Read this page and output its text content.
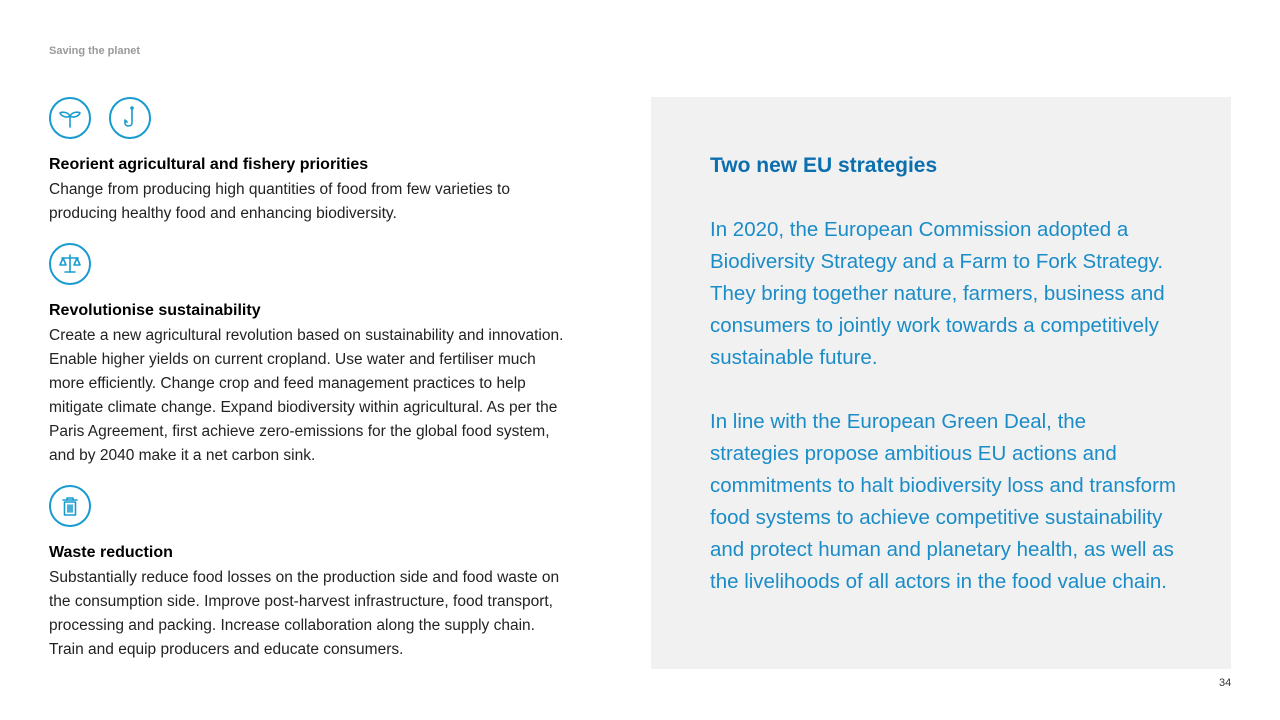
Saving the planet
Reorient agricultural and fishery priorities
Change from producing high quantities of food from few varieties to producing healthy food and enhancing biodiversity.
Revolutionise sustainability
Create a new agricultural revolution based on sustainability and innovation. Enable higher yields on current cropland. Use water and fertiliser much more efficiently. Change crop and feed management practices to help mitigate climate change. Expand biodiversity within agricultural. As per the Paris Agreement, first achieve zero-emissions for the global food system, and by 2040 make it a net carbon sink.
Waste reduction
Substantially reduce food losses on the production side and food waste on the consumption side. Improve post-harvest infrastructure, food transport, processing and packing. Increase collaboration along the supply chain. Train and equip producers and educate consumers.
Two new EU strategies
In 2020, the European Commission adopted a Biodiversity Strategy and a Farm to Fork Strategy. They bring together nature, farmers, business and consumers to jointly work towards a competitively sustainable future.
In line with the European Green Deal, the strategies propose ambitious EU actions and commitments to halt biodiversity loss and transform food systems to achieve competitive sustainability and protect human and planetary health, as well as the livelihoods of all actors in the food value chain.
34
